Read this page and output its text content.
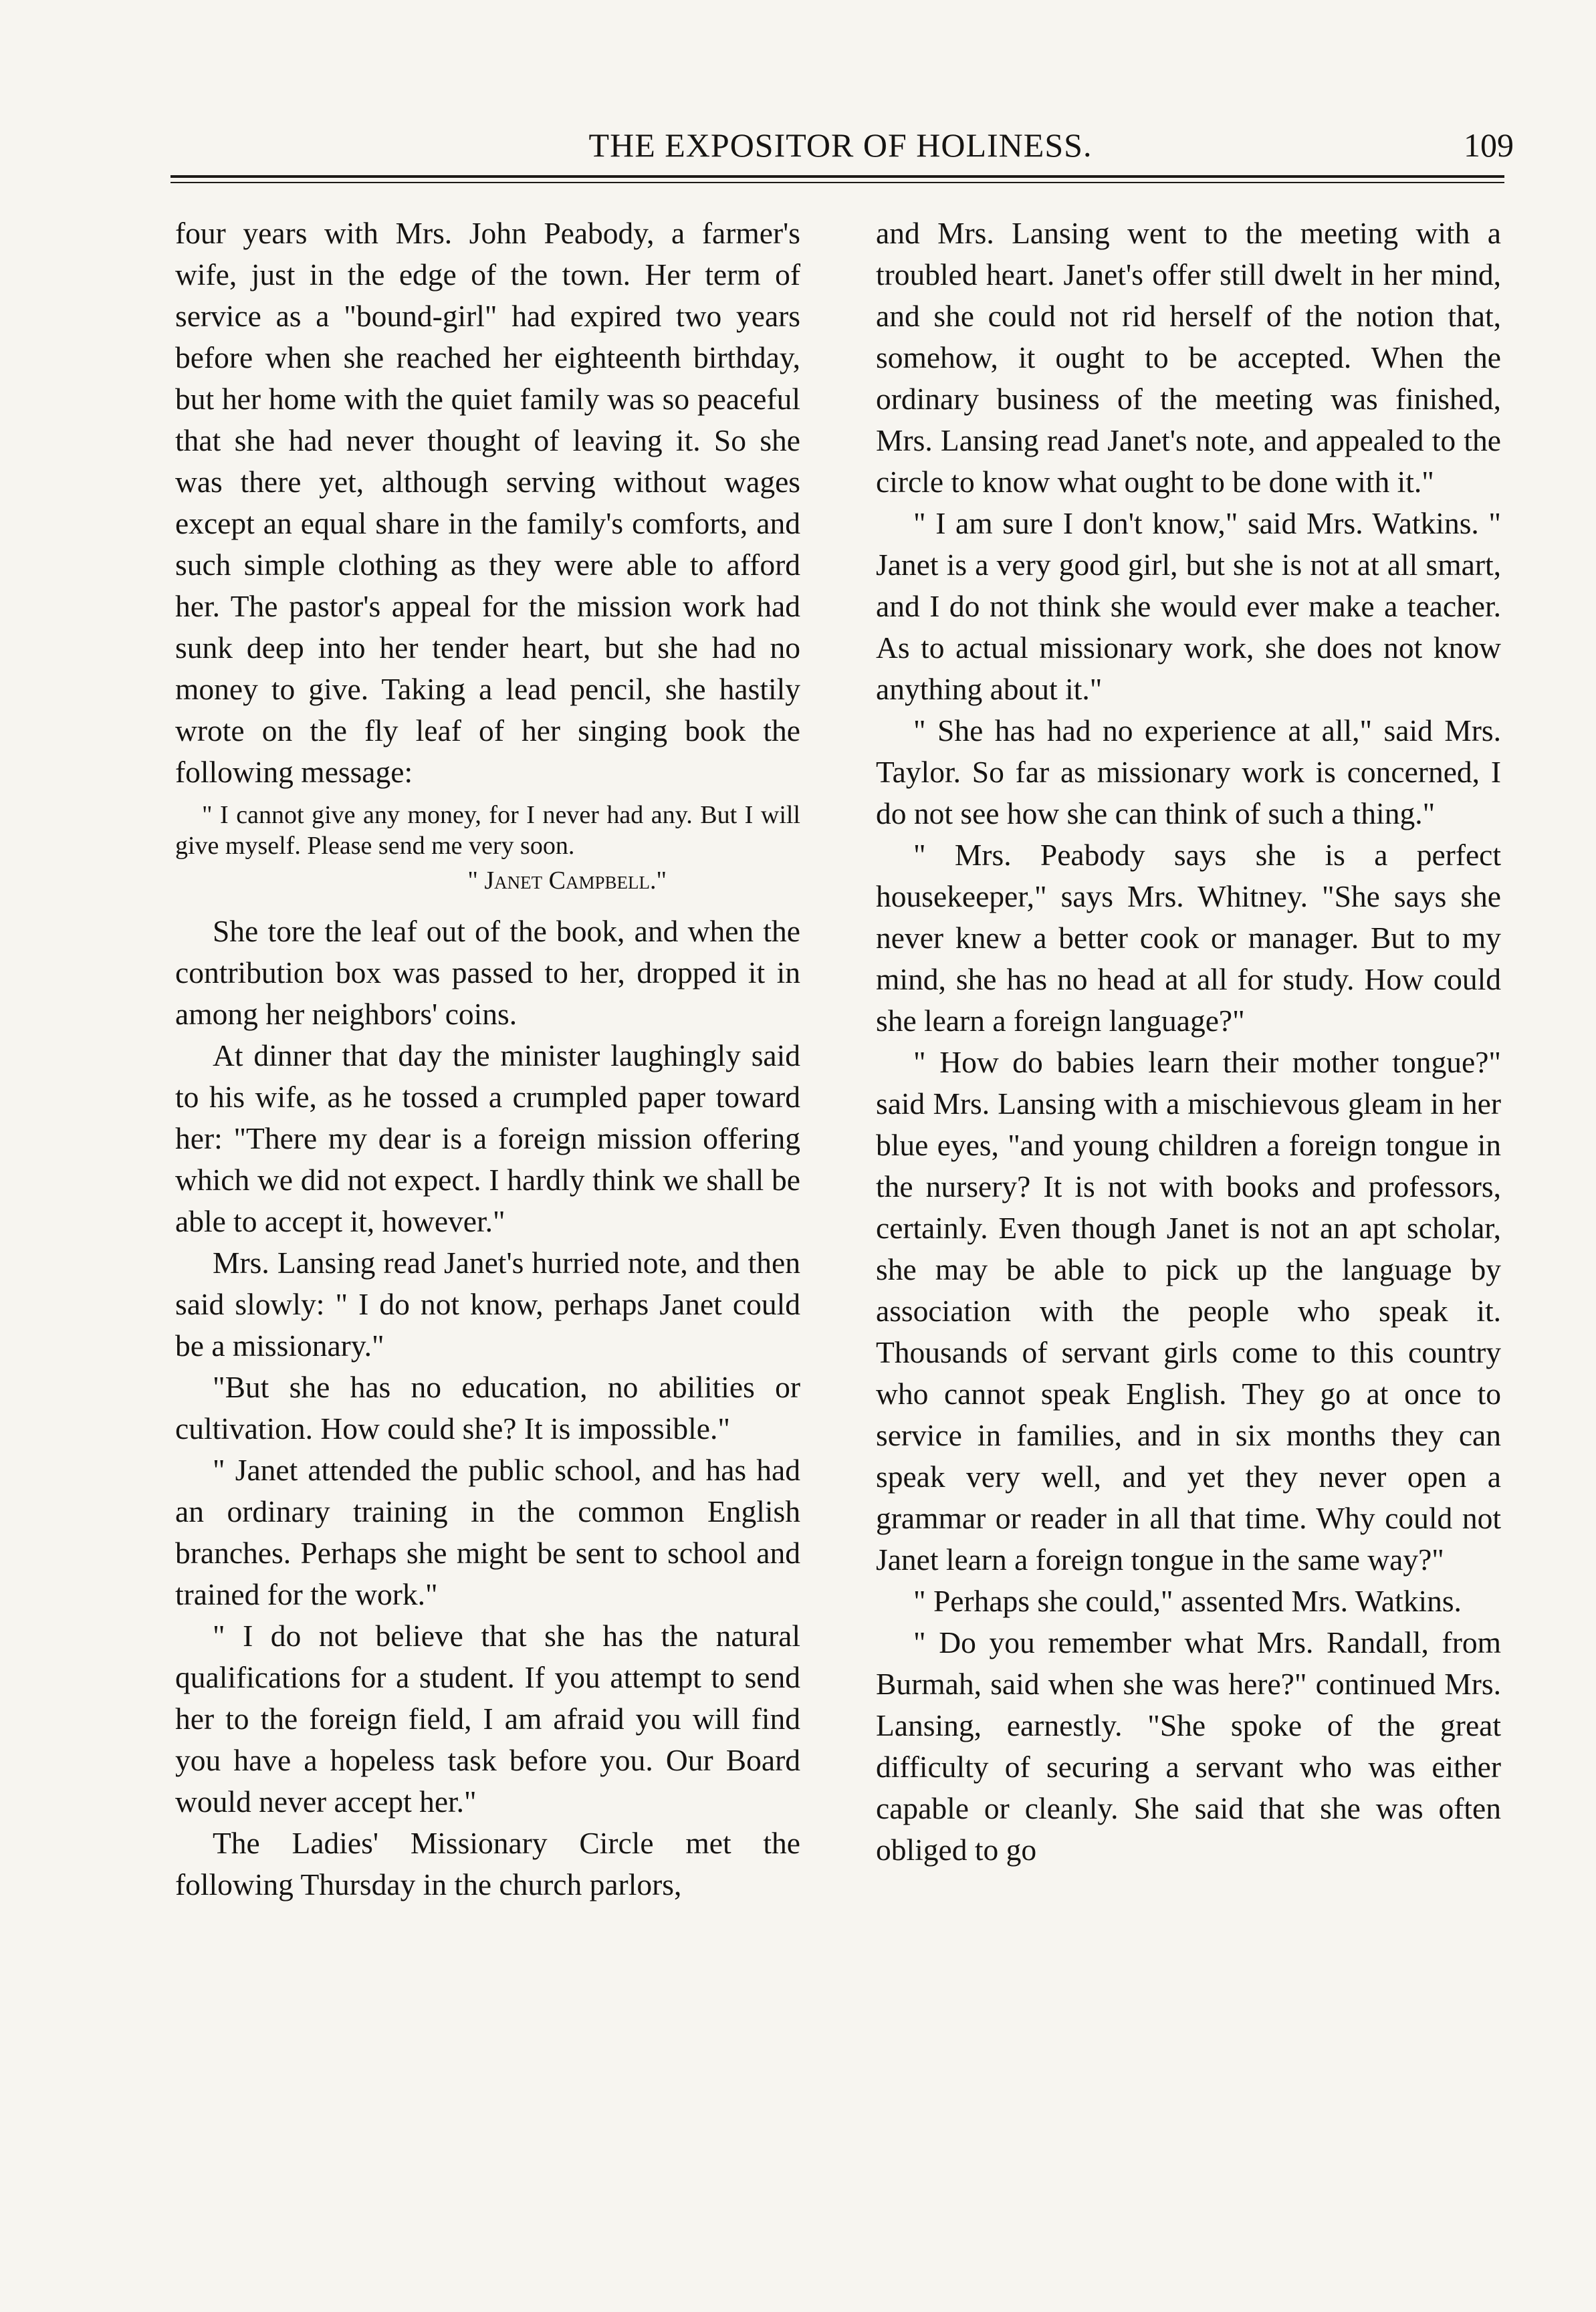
THE EXPOSITOR OF HOLINESS.	109

four years with Mrs. John Peabody, a farmer's wife, just in the edge of the town. Her term of service as a "bound-girl" had expired two years before when she reached her eighteenth birthday, but her home with the quiet family was so peaceful that she had never thought of leaving it. So she was there yet, although serving without wages except an equal share in the family's comforts, and such simple clothing as they were able to afford her. The pastor's appeal for the mission work had sunk deep into her tender heart, but she had no money to give. Taking a lead pencil, she hastily wrote on the fly leaf of her singing book the following message:

" I cannot give any money, for I never had any. But I will give myself. Please send me very soon.

" Janet Campbell."

She tore the leaf out of the book, and when the contribution box was passed to her, dropped it in among her neighbors' coins.

At dinner that day the minister laughingly said to his wife, as he tossed a crumpled paper toward her: "There my dear is a foreign mission offering which we did not expect. I hardly think we shall be able to accept it, however."

Mrs. Lansing read Janet's hurried note, and then said slowly: " I do not know, perhaps Janet could be a missionary."

"But she has no education, no abilities or cultivation. How could she? It is impossible."

" Janet attended the public school, and has had an ordinary training in the common English branches. Perhaps she might be sent to school and trained for the work."

" I do not believe that she has the natural qualifications for a student. If you attempt to send her to the foreign field, I am afraid you will find you have a hopeless task before you. Our Board would never accept her."

The Ladies' Missionary Circle met the following Thursday in the church parlors,

and Mrs. Lansing went to the meeting with a troubled heart. Janet's offer still dwelt in her mind, and she could not rid herself of the notion that, somehow, it ought to be accepted. When the ordinary business of the meeting was finished, Mrs. Lansing read Janet's note, and appealed to the circle to know what ought to be done with it."

" I am sure I don't know," said Mrs. Watkins. " Janet is a very good girl, but she is not at all smart, and I do not think she would ever make a teacher. As to actual missionary work, she does not know anything about it."

" She has had no experience at all," said Mrs. Taylor. So far as missionary work is concerned, I do not see how she can think of such a thing."

" Mrs. Peabody says she is a perfect housekeeper," says Mrs. Whitney. "She says she never knew a better cook or manager. But to my mind, she has no head at all for study. How could she learn a foreign language?"

" How do babies learn their mother tongue?" said Mrs. Lansing with a mischievous gleam in her blue eyes, "and young children a foreign tongue in the nursery? It is not with books and professors, certainly. Even though Janet is not an apt scholar, she may be able to pick up the language by association with the people who speak it. Thousands of servant girls come to this country who cannot speak English. They go at once to service in families, and in six months they can speak very well, and yet they never open a grammar or reader in all that time. Why could not Janet learn a foreign tongue in the same way?"

" Perhaps she could," assented Mrs. Watkins.

" Do you remember what Mrs. Randall, from Burmah, said when she was here?" continued Mrs. Lansing, earnestly. "She spoke of the great difficulty of securing a servant who was either capable or cleanly. She said that she was often obliged to go
